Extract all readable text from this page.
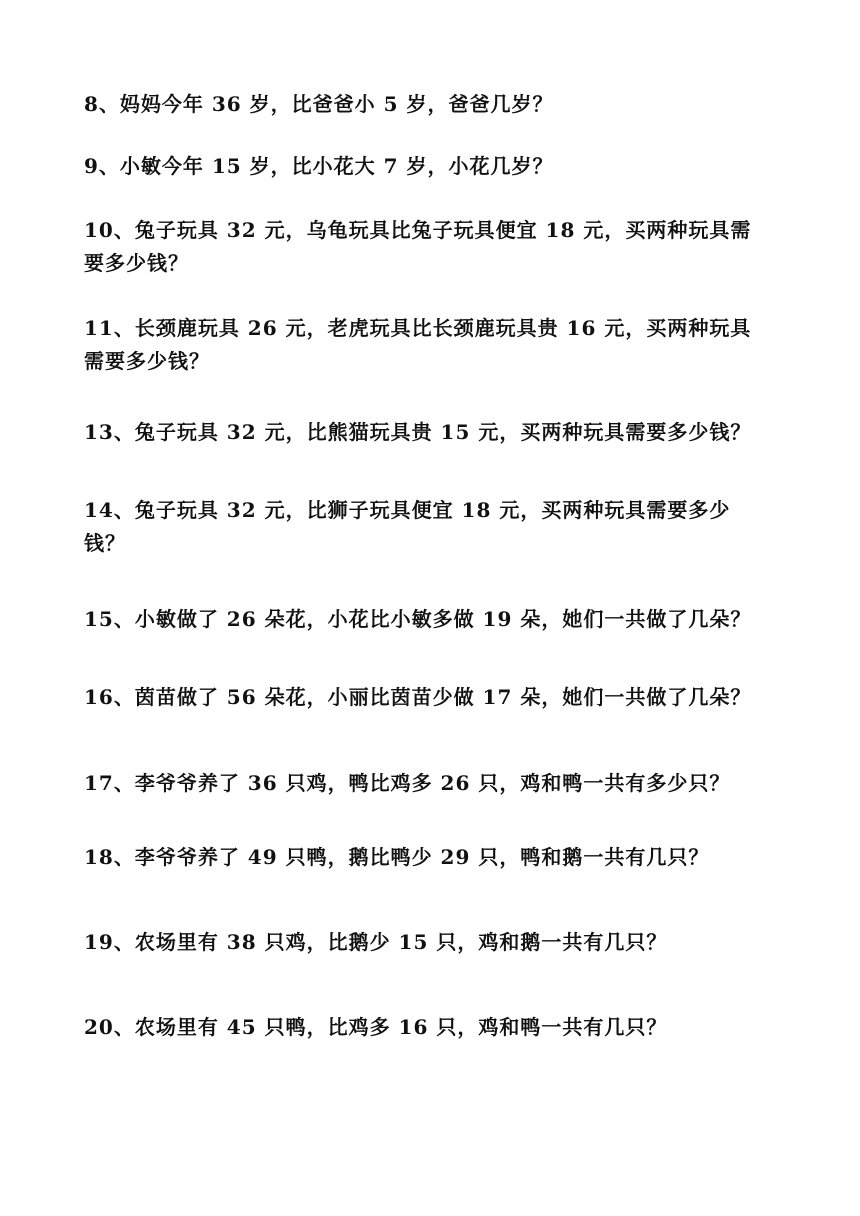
8、妈妈今年 36 岁，比爸爸小 5 岁，爸爸几岁？
9、小敏今年 15 岁，比小花大 7 岁，小花几岁？
10、兔子玩具 32 元，乌龟玩具比兔子玩具便宜 18 元，买两种玩具需要多少钱？
11、长颈鹿玩具 26 元，老虎玩具比长颈鹿玩具贵 16 元，买两种玩具需要多少钱？
13、兔子玩具 32 元，比熊猫玩具贵 15 元，买两种玩具需要多少钱？
14、兔子玩具 32 元，比狮子玩具便宜 18 元，买两种玩具需要多少钱？
15、小敏做了 26 朵花，小花比小敏多做 19 朵，她们一共做了几朵？
16、茵苗做了 56 朵花，小丽比茵苗少做 17 朵，她们一共做了几朵？
17、李爷爷养了 36 只鸡，鸭比鸡多 26 只，鸡和鸭一共有多少只？
18、李爷爷养了 49 只鸭，鹅比鸭少 29 只，鸭和鹅一共有几只？
19、农场里有 38 只鸡，比鹅少 15 只，鸡和鹅一共有几只？
20、农场里有 45 只鸭，比鸡多 16 只，鸡和鸭一共有几只？
